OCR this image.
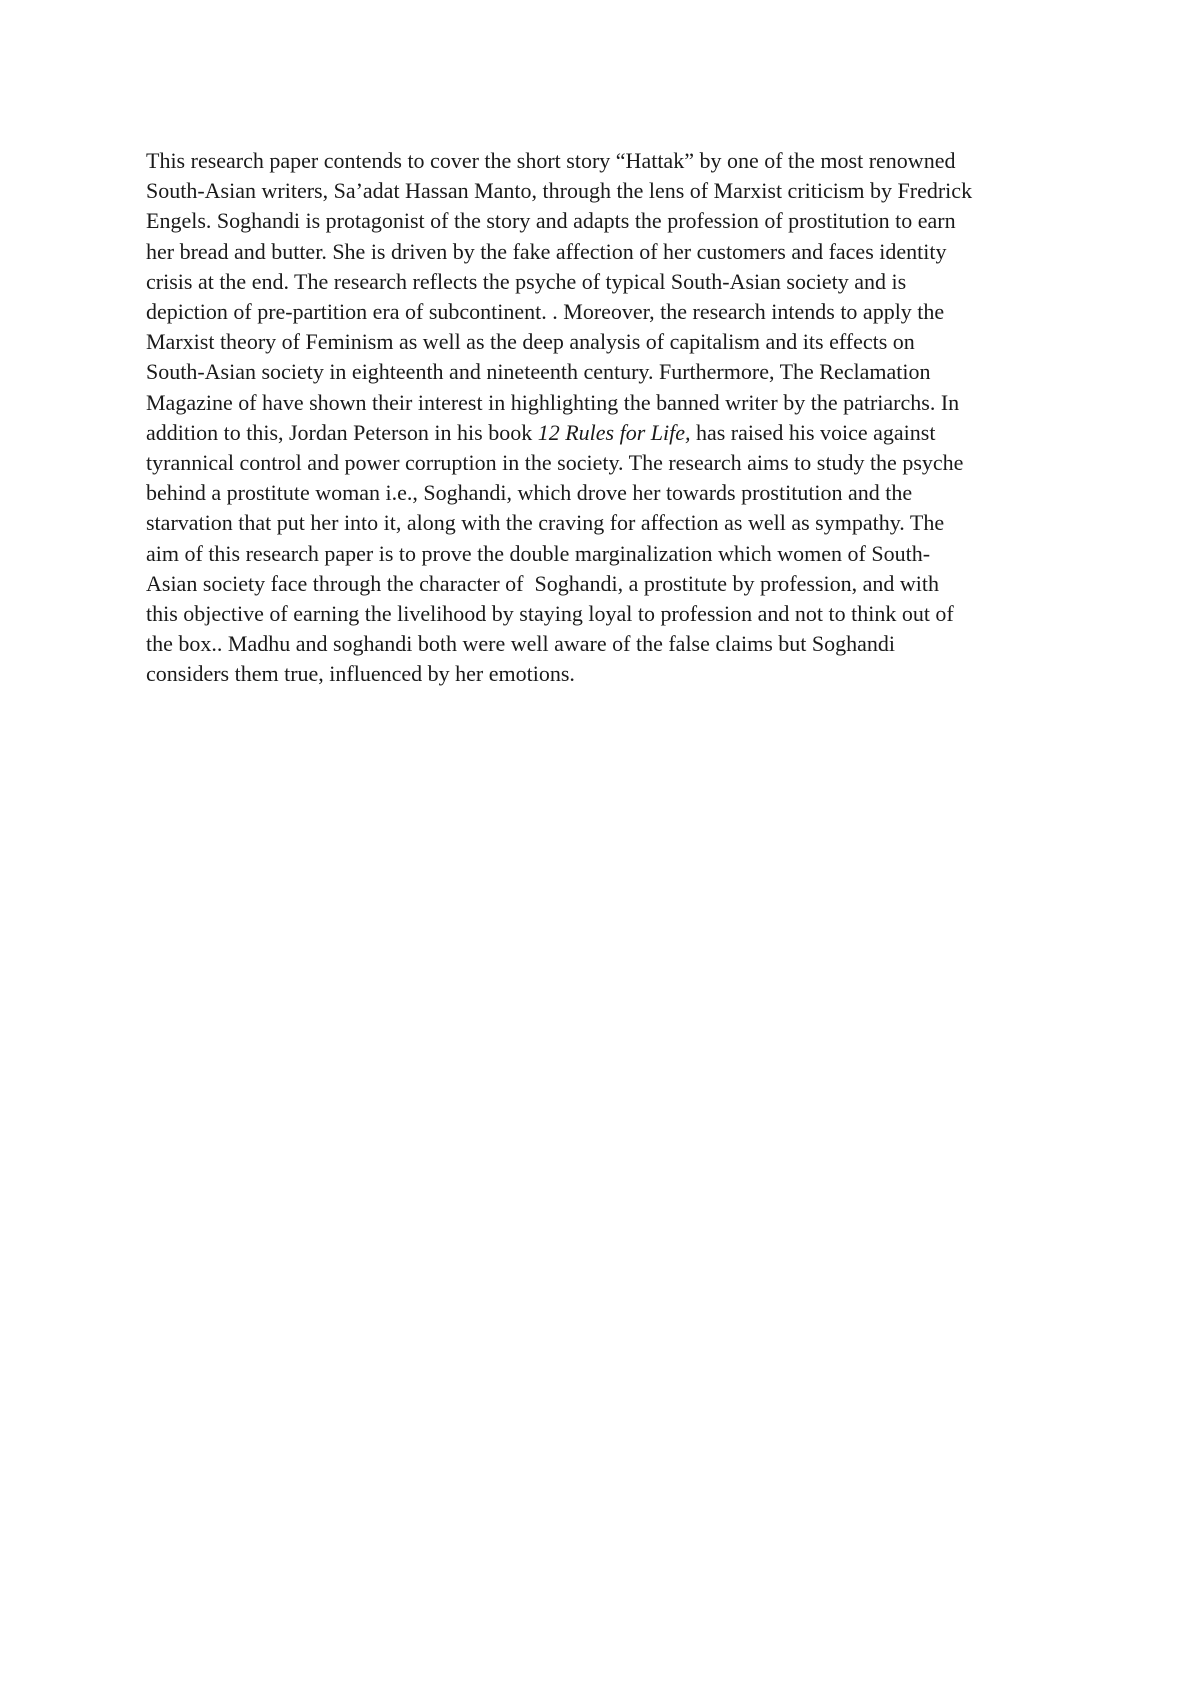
This research paper contends to cover the short story “Hattak” by one of the most renowned
South-Asian writers, Sa’adat Hassan Manto, through the lens of Marxist criticism by Fredrick
Engels. Soghandi is protagonist of the story and adapts the profession of prostitution to earn
her bread and butter. She is driven by the fake affection of her customers and faces identity
crisis at the end. The research reflects the psyche of typical South-Asian society and is
depiction of pre-partition era of subcontinent. . Moreover, the research intends to apply the
Marxist theory of Feminism as well as the deep analysis of capitalism and its effects on
South-Asian society in eighteenth and nineteenth century. Furthermore, The Reclamation
Magazine of have shown their interest in highlighting the banned writer by the patriarchs. In
addition to this, Jordan Peterson in his book 12 Rules for Life, has raised his voice against
tyrannical control and power corruption in the society. The research aims to study the psyche
behind a prostitute woman i.e., Soghandi, which drove her towards prostitution and the
starvation that put her into it, along with the craving for affection as well as sympathy. The
aim of this research paper is to prove the double marginalization which women of South-
Asian society face through the character of  Soghandi, a prostitute by profession, and with
this objective of earning the livelihood by staying loyal to profession and not to think out of
the box.. Madhu and soghandi both were well aware of the false claims but Soghandi
considers them true, influenced by her emotions.
